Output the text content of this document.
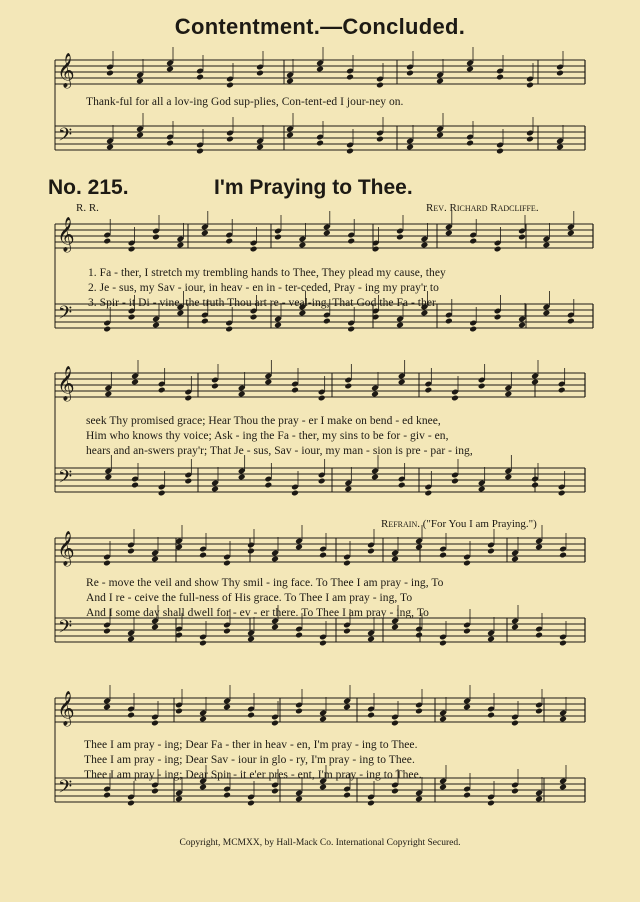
𝄞
𝄢
𝄞
𝄢
𝄞
𝄢
𝄞
𝄢
𝄞
𝄢
Contentment.—Concluded.
Thank-ful for all a lov-ing God sup-plies, Con-tent-ed I jour-ney on.
No. 215.	I'm Praying to Thee.
R. R.	Rev. Richard Radcliffe.
1. Fa - ther, I stretch my trembling hands to Thee, They plead my cause, they
2. Je - sus, my Sav - iour, in heav - en in - ter-ceded, Pray - ing my pray'r to
3. Spir - it Di - vine, the truth Thou art re - veal-ing, That God the Fa - ther
seek Thy promised grace; Hear Thou the pray - er I make on bend - ed knee,
Him who knows thy voice; Ask - ing the Fa - ther, my sins to be for - giv - en,
hears and an-swers pray'r; That Je - sus, Sav - iour, my man - sion is pre - par - ing,
Refrain. ("For You I am Praying.")
Re - move the veil and show Thy smil - ing face. To Thee I am pray - ing, To
And I re - ceive the full-ness of His grace. To Thee I am pray - ing, To
And I some day shall dwell for - ev - er there. To Thee I am pray - ing, To
Thee I am pray - ing; Dear Fa - ther in heav - en, I'm pray - ing to Thee.
Thee I am pray - ing; Dear Sav - iour in glo - ry, I'm pray - ing to Thee.
Thee I am pray - ing; Dear Spir - it e'er pres - ent, I'm pray - ing to Thee.
Copyright, MCMXX, by Hall-Mack Co. International Copyright Secured.
